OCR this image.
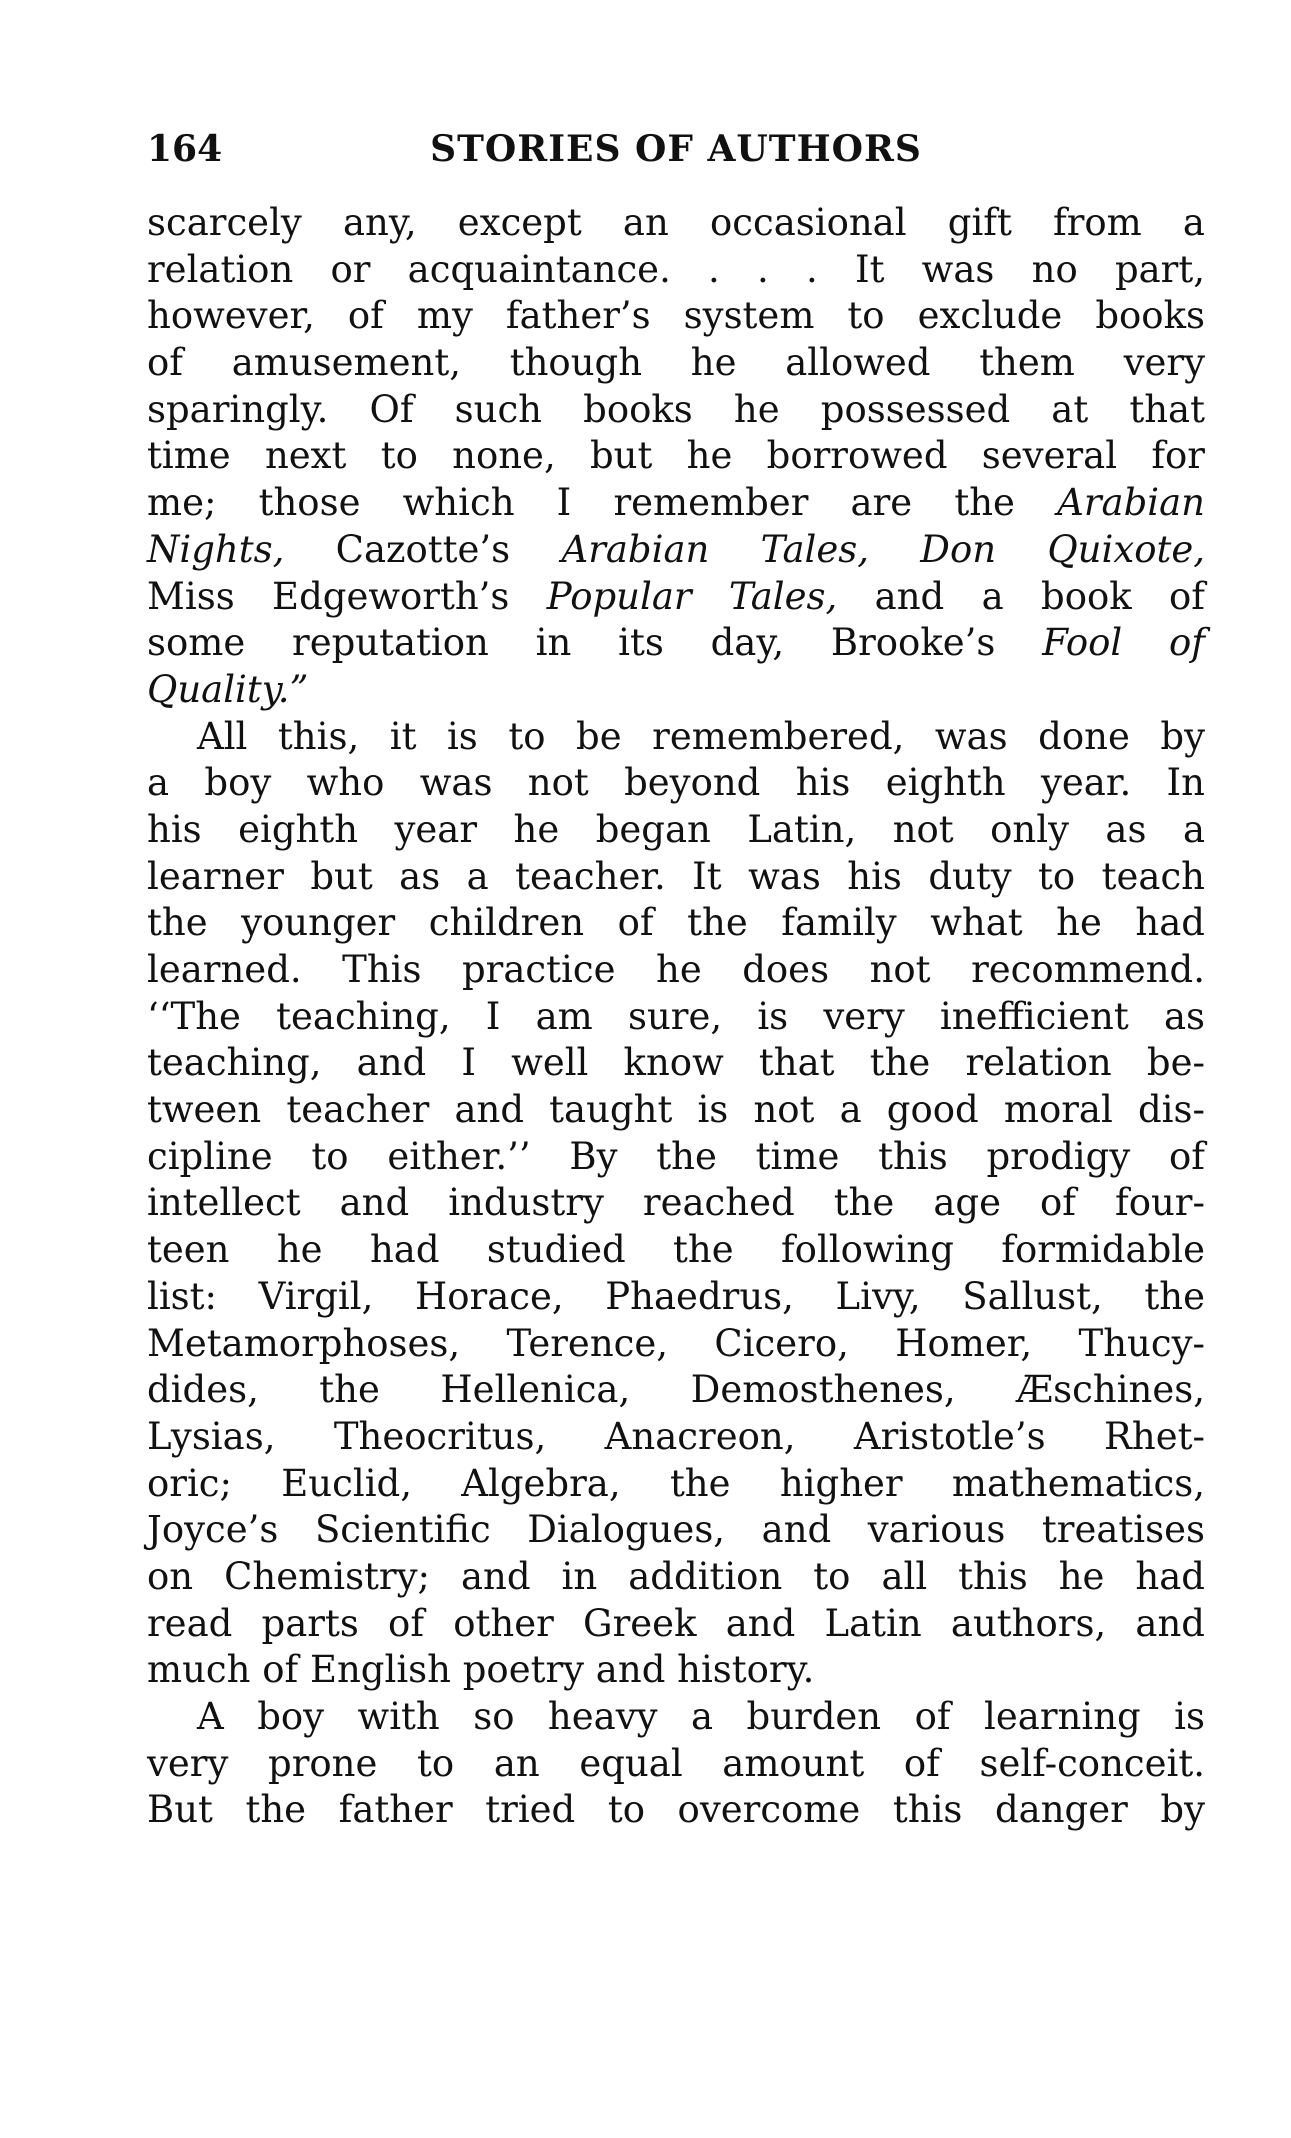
164	STORIES OF AUTHORS
scarcely any, except an occasional gift from a
relation or acquaintance. . . . It was no part,
however, of my father’s system to exclude books
of amusement, though he allowed them very
sparingly. Of such books he possessed at that
time next to none, but he borrowed several for
me; those which I remember are the Arabian
Nights, Cazotte’s Arabian Tales, Don Quixote,
Miss Edgeworth’s Popular Tales, and a book of
some reputation in its day, Brooke’s Fool of
Quality.”
All this, it is to be remembered, was done by
a boy who was not beyond his eighth year. In
his eighth year he began Latin, not only as a
learner but as a teacher. It was his duty to teach
the younger children of the family what he had
learned. This practice he does not recommend.
‘‘The teaching, I am sure, is very inefficient as
teaching, and I well know that the relation be-
tween teacher and taught is not a good moral dis-
cipline to either.’’ By the time this prodigy of
intellect and industry reached the age of four-
teen he had studied the following formidable
list: Virgil, Horace, Phaedrus, Livy, Sallust, the
Metamorphoses, Terence, Cicero, Homer, Thucy-
dides, the Hellenica, Demosthenes, Æschines,
Lysias, Theocritus, Anacreon, Aristotle’s Rhet-
oric; Euclid, Algebra, the higher mathematics,
Joyce’s Scientific Dialogues, and various treatises
on Chemistry; and in addition to all this he had
read parts of other Greek and Latin authors, and
much of English poetry and history.
A boy with so heavy a burden of learning is
very prone to an equal amount of self-conceit.
But the father tried to overcome this danger by
